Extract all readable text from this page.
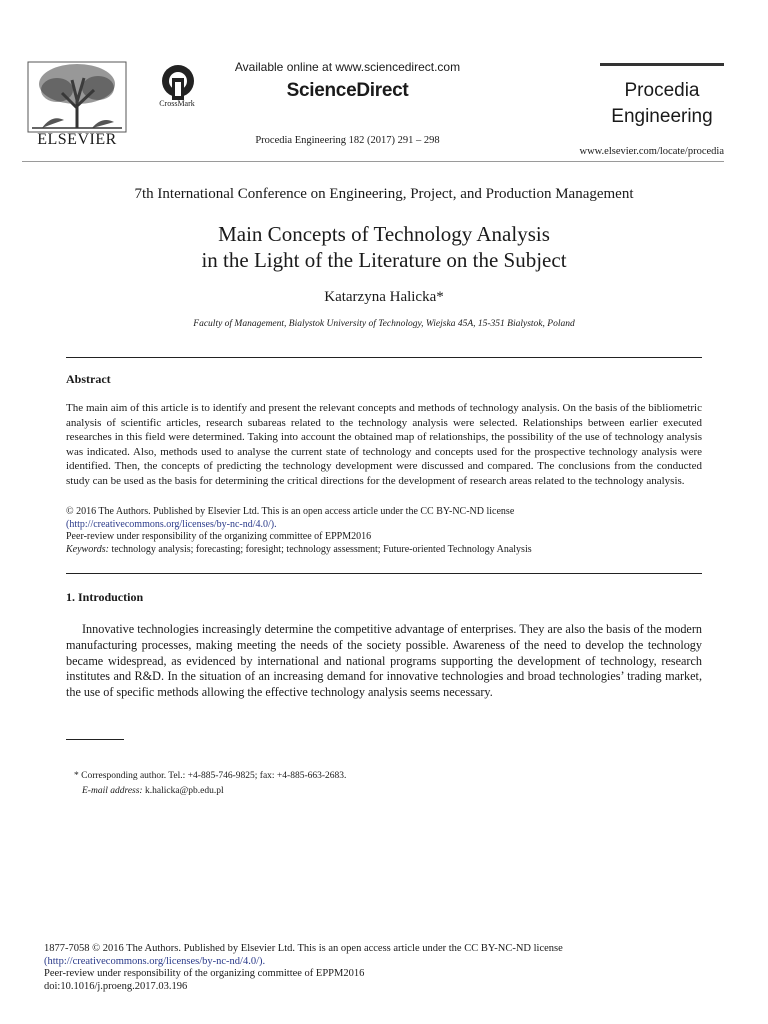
ELSEVIER
CrossMark
Available online at www.sciencedirect.com
ScienceDirect
Procedia Engineering 182 (2017) 291 – 298
Procedia
Engineering
www.elsevier.com/locate/procedia
7th International Conference on Engineering, Project, and Production Management
Main Concepts of Technology Analysis
in the Light of the Literature on the Subject
Katarzyna Halicka*
Faculty of Management, Bialystok University of Technology, Wiejska 45A, 15-351 Bialystok, Poland
Abstract
The main aim of this article is to identify and present the relevant concepts and methods of technology analysis. On the basis of the bibliometric analysis of scientific articles, research subareas related to the technology analysis were selected. Relationships between earlier executed researches in this field were determined. Taking into account the obtained map of relationships, the possibility of the use of technology analysis was indicated. Also, methods used to analyse the current state of technology and concepts used for the prospective technology analysis were identified. Then, the concepts of predicting the technology development were discussed and compared. The conclusions from the conducted study can be used as the basis for determining the critical directions for the development of research areas related to the technology analysis.
© 2016 The Authors. Published by Elsevier Ltd. This is an open access article under the CC BY-NC-ND license
(http://creativecommons.org/licenses/by-nc-nd/4.0/).
Peer-review under responsibility of the organizing committee of EPPM2016
Keywords: technology analysis; forecasting; foresight; technology assessment; Future-oriented Technology Analysis
1. Introduction
Innovative technologies increasingly determine the competitive advantage of enterprises. They are also the basis of the modern manufacturing processes, making meeting the needs of the society possible. Awareness of the need to develop the technology became widespread, as evidenced by international and national programs supporting the development of technology, research institutes and R&D. In the situation of an increasing demand for innovative technologies and broad technologies’ trading market, the use of specific methods allowing the effective technology analysis seems necessary.
* Corresponding author. Tel.: +4-885-746-9825; fax: +4-885-663-2683.
E-mail address: k.halicka@pb.edu.pl
1877-7058 © 2016 The Authors. Published by Elsevier Ltd. This is an open access article under the CC BY-NC-ND license
(http://creativecommons.org/licenses/by-nc-nd/4.0/).
Peer-review under responsibility of the organizing committee of EPPM2016
doi:10.1016/j.proeng.2017.03.196
